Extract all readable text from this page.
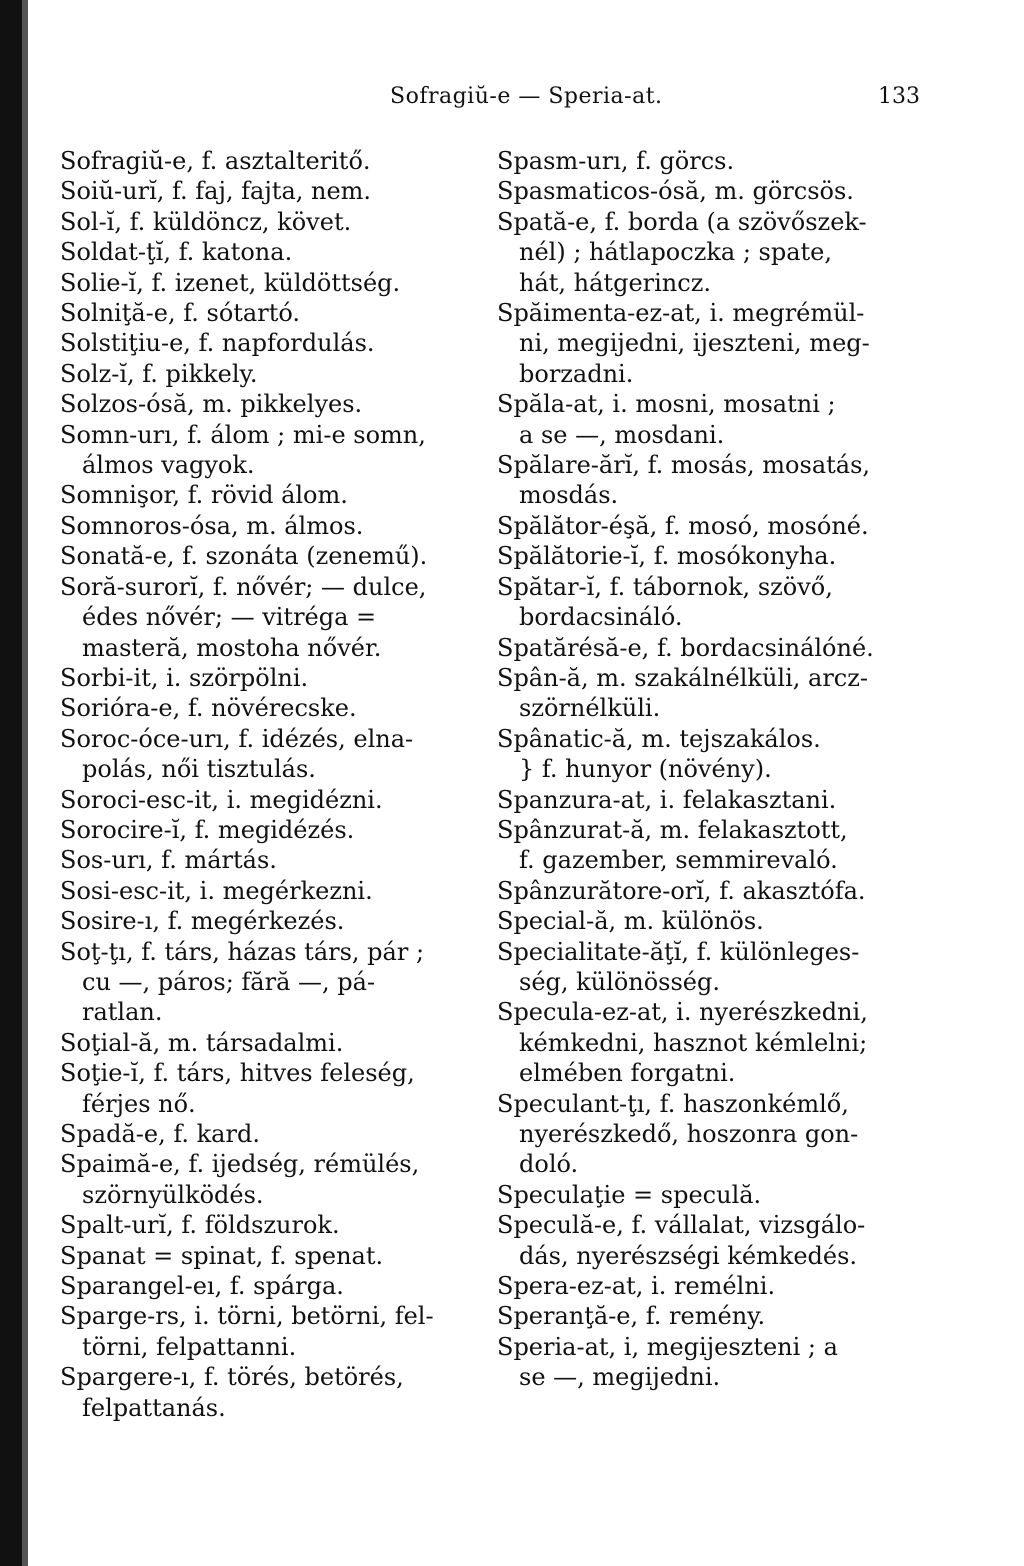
Sofragiŭ-e — Speria-at.	133
Sofragiŭ-e, f. asztalteritő.
Soiŭ-urĭ, f. faj, fajta, nem.
Sol-ĭ, f. küldöncz, követ.
Soldat-ţĭ, f. katona.
Solie-ĭ, f. izenet, küldöttség.
Solniţă-e, f. sótartó.
Solstiţiu-e, f. napfordulás.
Solz-ĭ, f. pikkely.
Solzos-ósă, m. pikkelyes.
Somn-urı, f. álom ; mi-e somn,
álmos vagyok.
Somnişor, f. rövid álom.
Somnoros-ósa, m. álmos.
Sonată-e, f. szonáta (zenemű).
Soră-surorĭ, f. nővér; — dulce,
édes nővér; — vitréga =
masteră, mostoha nővér.
Sorbi-it, i. szörpölni.
Sorióra-e, f. növérecske.
Soroc-óce-urı, f. idézés, elna-
polás, női tisztulás.
Soroci-esc-it, i. megidézni.
Sorocire-ĭ, f. megidézés.
Sos-urı, f. mártás.
Sosi-esc-it, i. megérkezni.
Sosire-ı, f. megérkezés.
Soţ-ţı, f. társ, házas társ, pár ;
cu —, páros; fără —, pá-
ratlan.
Soţial-ă, m. társadalmi.
Soţie-ĭ, f. társ, hitves feleség,
férjes nő.
Spadă-e, f. kard.
Spaimă-e, f. ijedség, rémülés,
szörnyülködés.
Spalt-urĭ, f. földszurok.
Spanat = spinat, f. spenat.
Sparangel-eı, f. spárga.
Sparge-rs, i. törni, betörni, fel-
törni, felpattanni.
Spargere-ı, f. törés, betörés,
felpattanás.
Spasm-urı, f. görcs.
Spasmaticos-ósă, m. görcsös.
Spată-e, f. borda (a szövőszek-
nél) ; hátlapoczka ; spate,
hát, hátgerincz.
Spăimenta-ez-at, i. megrémül-
ni, megijedni, ijeszteni, meg-
borzadni.
Spăla-at, i. mosni, mosatni ;
a se —, mosdani.
Spălare-ărĭ, f. mosás, mosatás,
mosdás.
Spălător-éşă, f. mosó, mosóné.
Spălătorie-ĭ, f. mosókonyha.
Spătar-ĭ, f. tábornok, szövő,
bordacsináló.
Spatărésă-e, f. bordacsinálóné.
Spân-ă, m. szakálnélküli, arcz-
szörnélküli.
Spânatic-ă, m. tejszakálos.
} f. hunyor (növény).
Spanzura-at, i. felakasztani.
Spânzurat-ă, m. felakasztott,
f. gazember, semmirevaló.
Spânzurătore-orĭ, f. akasztófa.
Special-ă, m. különös.
Specialitate-ăţĭ, f. különleges-
ség, különösség.
Specula-ez-at, i. nyerészkedni,
kémkedni, hasznot kémlelni;
elmében forgatni.
Speculant-ţı, f. haszonkémlő,
nyerészkedő, hoszonra gon-
doló.
Speculaţie = speculă.
Speculă-e, f. vállalat, vizsgálo-
dás, nyerészségi kémkedés.
Spera-ez-at, i. remélni.
Speranţă-e, f. remény.
Speria-at, i, megijeszteni ; a
se —, megijedni.
